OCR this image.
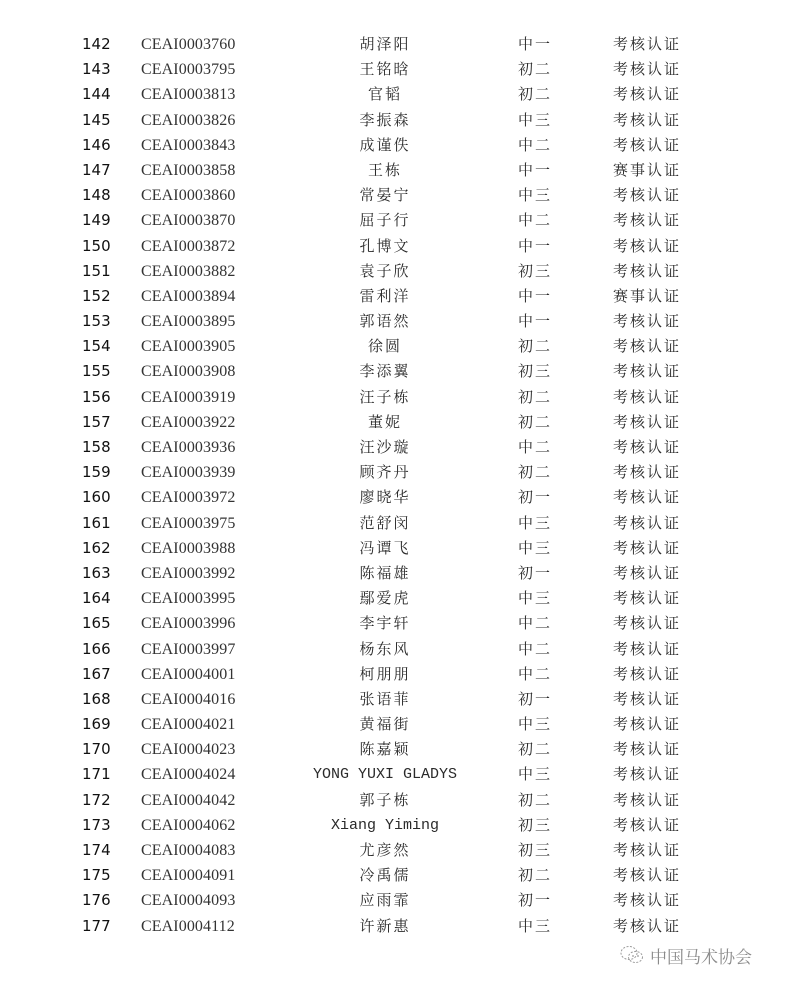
142	CEAI0003760	胡泽阳	中一	考核认证
143	CEAI0003795	王铭晗	初二	考核认证
144	CEAI0003813	官韬	初二	考核认证
145	CEAI0003826	李振森	中三	考核认证
146	CEAI0003843	成谨佚	中二	考核认证
147	CEAI0003858	王栋	中一	赛事认证
148	CEAI0003860	常晏宁	中三	考核认证
149	CEAI0003870	屈子行	中二	考核认证
150	CEAI0003872	孔博文	中一	考核认证
151	CEAI0003882	袁子欣	初三	考核认证
152	CEAI0003894	雷利洋	中一	赛事认证
153	CEAI0003895	郭语然	中一	考核认证
154	CEAI0003905	徐圆	初二	考核认证
155	CEAI0003908	李添翼	初三	考核认证
156	CEAI0003919	汪子栋	初二	考核认证
157	CEAI0003922	董妮	初二	考核认证
158	CEAI0003936	汪沙璇	中二	考核认证
159	CEAI0003939	顾齐丹	初二	考核认证
160	CEAI0003972	廖晓华	初一	考核认证
161	CEAI0003975	范舒闵	中三	考核认证
162	CEAI0003988	冯谭飞	中三	考核认证
163	CEAI0003992	陈福雄	初一	考核认证
164	CEAI0003995	鄢爱虎	中三	考核认证
165	CEAI0003996	李宇轩	中二	考核认证
166	CEAI0003997	杨东风	中二	考核认证
167	CEAI0004001	柯朋朋	中二	考核认证
168	CEAI0004016	张语菲	初一	考核认证
169	CEAI0004021	黄福街	中三	考核认证
170	CEAI0004023	陈嘉颖	初二	考核认证
171	CEAI0004024	YONG YUXI GLADYS	中三	考核认证
172	CEAI0004042	郭子栋	初二	考核认证
173	CEAI0004062	Xiang Yiming	初三	考核认证
174	CEAI0004083	尤彦然	初三	考核认证
175	CEAI0004091	冷禹儒	初二	考核认证
176	CEAI0004093	应雨霏	初一	考核认证
177	CEAI0004112	许新惠	中三	考核认证
中国马术协会
